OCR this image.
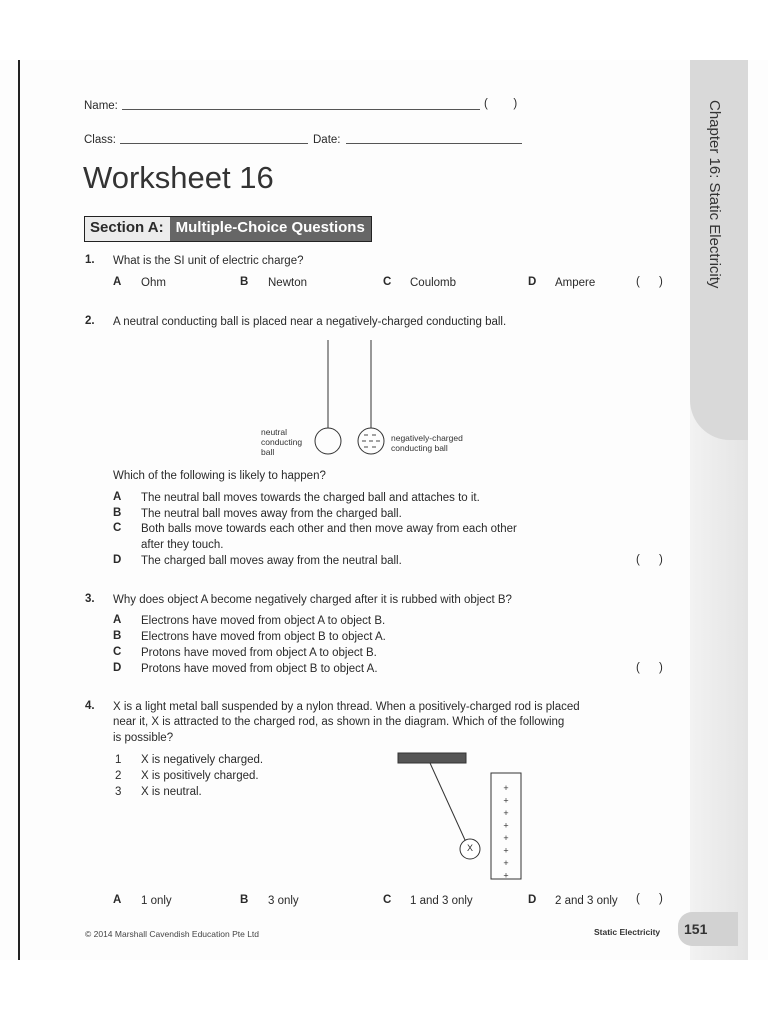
Chapter 16: Static Electricity
Name:	(        )
Class:	Date:
Worksheet 16
Section A: Multiple-Choice Questions
1. What is the SI unit of electric charge?
A Ohm	B Newton	C Coulomb	D Ampere	(      )
2. A neutral conducting ball is placed near a negatively-charged conducting ball.
neutral
conducting
ball
negatively-charged
conducting ball
Which of the following is likely to happen?
A The neutral ball moves towards the charged ball and attaches to it.
B The neutral ball moves away from the charged ball.
C Both balls move towards each other and then move away from each other
after they touch.
D The charged ball moves away from the neutral ball.	(      )
3. Why does object A become negatively charged after it is rubbed with object B?
A Electrons have moved from object A to object B.
B Electrons have moved from object B to object A.
C Protons have moved from object A to object B.
D Protons have moved from object B to object A.	(      )
4. X is a light metal ball suspended by a nylon thread. When a positively-charged rod is placed
near it, X is attracted to the charged rod, as shown in the diagram. Which of the following
is possible?
1 X is negatively charged.
2 X is positively charged.
3 X is neutral.	+
+
+
+
+
+
+
+
X
A 1 only	B 3 only	C 1 and 3 only	D 2 and 3 only (      )
© 2014 Marshall Cavendish Education Pte Ltd	Static Electricity 151
